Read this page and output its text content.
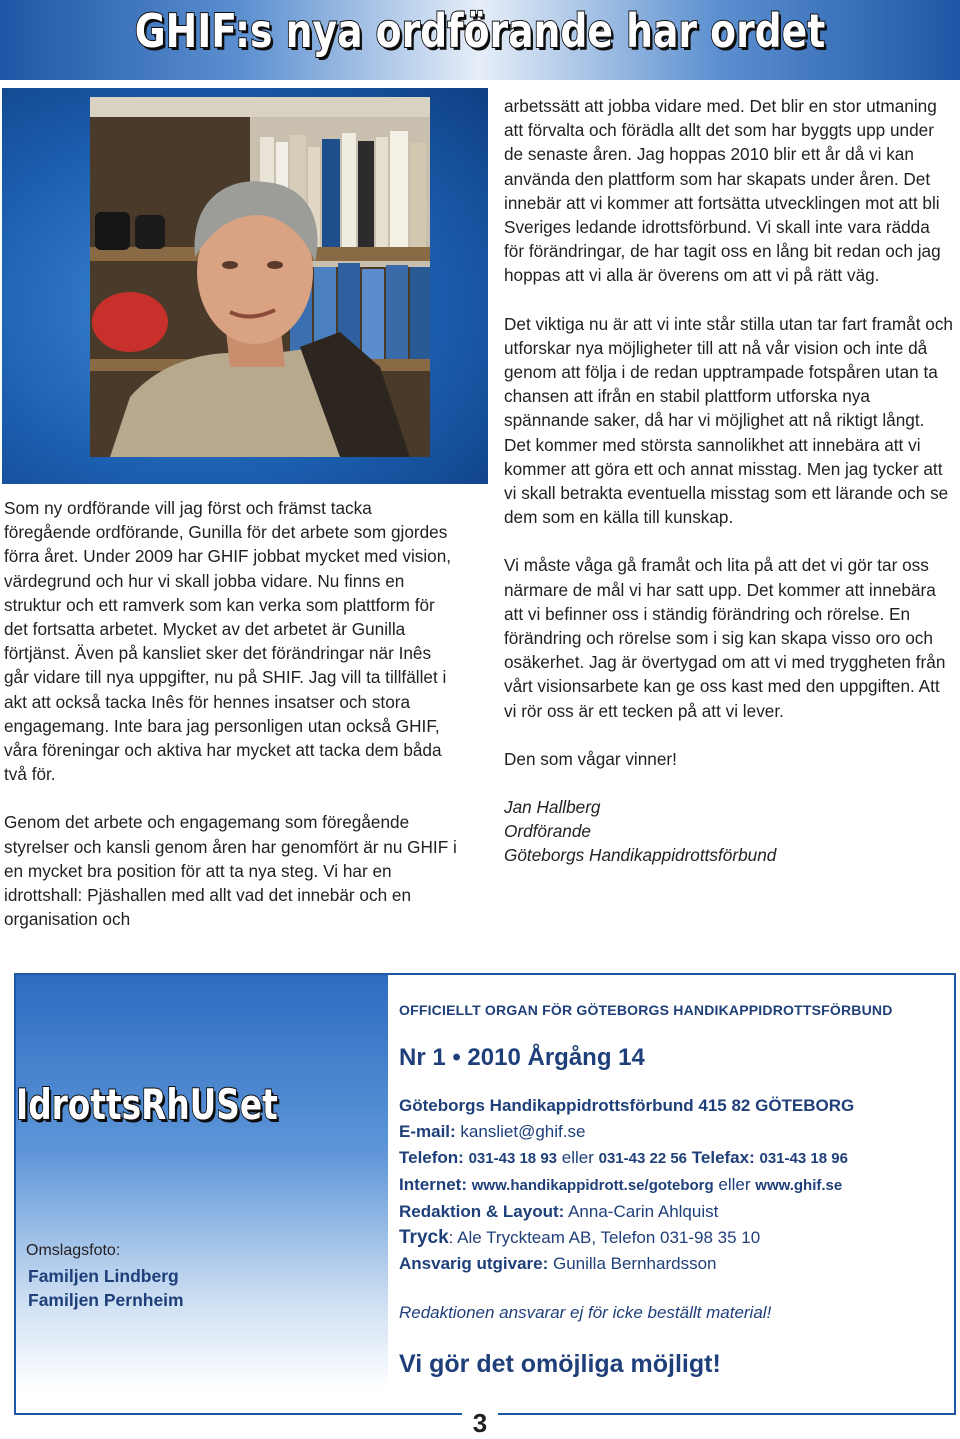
GHIF:s nya ordförande har ordet

Som ny ordförande vill jag först och främst tacka föregående ordförande, Gunilla för det arbete som gjordes förra året. Under 2009 har GHIF jobbat mycket med vision, värdegrund och hur vi skall jobba vidare. Nu finns en struktur och ett ramverk som kan verka som plattform för det fortsatta arbetet. Mycket av det arbetet är Gunilla förtjänst. Även på kansliet sker det förändringar när Inês går vidare till nya uppgifter, nu på SHIF. Jag vill ta tillfället i akt att också tacka Inês för hennes insatser och stora engagemang. Inte bara jag personligen utan också GHIF, våra föreningar och aktiva har mycket att tacka dem båda två för.

Genom det arbete och engagemang som föregående styrelser och kansli genom åren har genomfört är nu GHIF i en mycket bra position för att ta nya steg. Vi har en idrottshall: Pjäshallen med allt vad det innebär och en organisation och

arbetssätt att jobba vidare med. Det blir en stor utmaning att förvalta och förädla allt det som har byggts upp under de senaste åren. Jag hoppas 2010 blir ett år då vi kan använda den plattform som har skapats under åren. Det innebär att vi kommer att fortsätta utvecklingen mot att bli Sveriges ledande idrottsförbund. Vi skall inte vara rädda för förändringar, de har tagit oss en lång bit redan och jag hoppas att vi alla är överens om att vi på rätt väg.

Det viktiga nu är att vi inte står stilla utan tar fart framåt och utforskar nya möjligheter till att nå vår vision och inte då genom att följa i de redan upptrampade fotspåren utan ta chansen att ifrån en stabil plattform utforska nya spännande saker, då har vi möjlighet att nå riktigt långt. Det kommer med största sannolikhet att innebära att vi kommer att göra ett och annat misstag. Men jag tycker att vi skall betrakta eventuella misstag som ett lärande och se dem som en källa till kunskap.

Vi måste våga gå framåt och lita på att det vi gör tar oss närmare de mål vi har satt upp. Det kommer att innebära att vi befinner oss i ständig förändring och rörelse. En förändring och rörelse som i sig kan skapa visso oro och osäkerhet. Jag är övertygad om att vi med tryggheten från vårt visionsarbete kan ge oss kast med den uppgiften. Att vi rör oss är ett tecken på att vi lever.

Den som vågar vinner!

Jan Hallberg
Ordförande
Göteborgs Handikappidrottsförbund
IdrottsRhUSet
Omslagsfoto:
Familjen Lindberg
Familjen Pernheim
OFFICIELLT ORGAN FÖR GÖTEBORGS HANDIKAPPIDROTTSFÖRBUND
Nr 1 • 2010 Årgång 14
Göteborgs Handikappidrottsförbund 415 82 GÖTEBORG
E-mail: kansliet@ghif.se
Telefon: 031-43 18 93 eller 031-43 22 56 Telefax: 031-43 18 96
Internet: www.handikappidrott.se/goteborg eller www.ghif.se
Redaktion & Layout: Anna-Carin Ahlquist
Tryck: Ale Tryckteam AB, Telefon 031-98 35 10
Ansvarig utgivare: Gunilla Bernhardsson
Redaktionen ansvarar ej för icke beställt material!
Vi gör det omöjliga möjligt!
3
